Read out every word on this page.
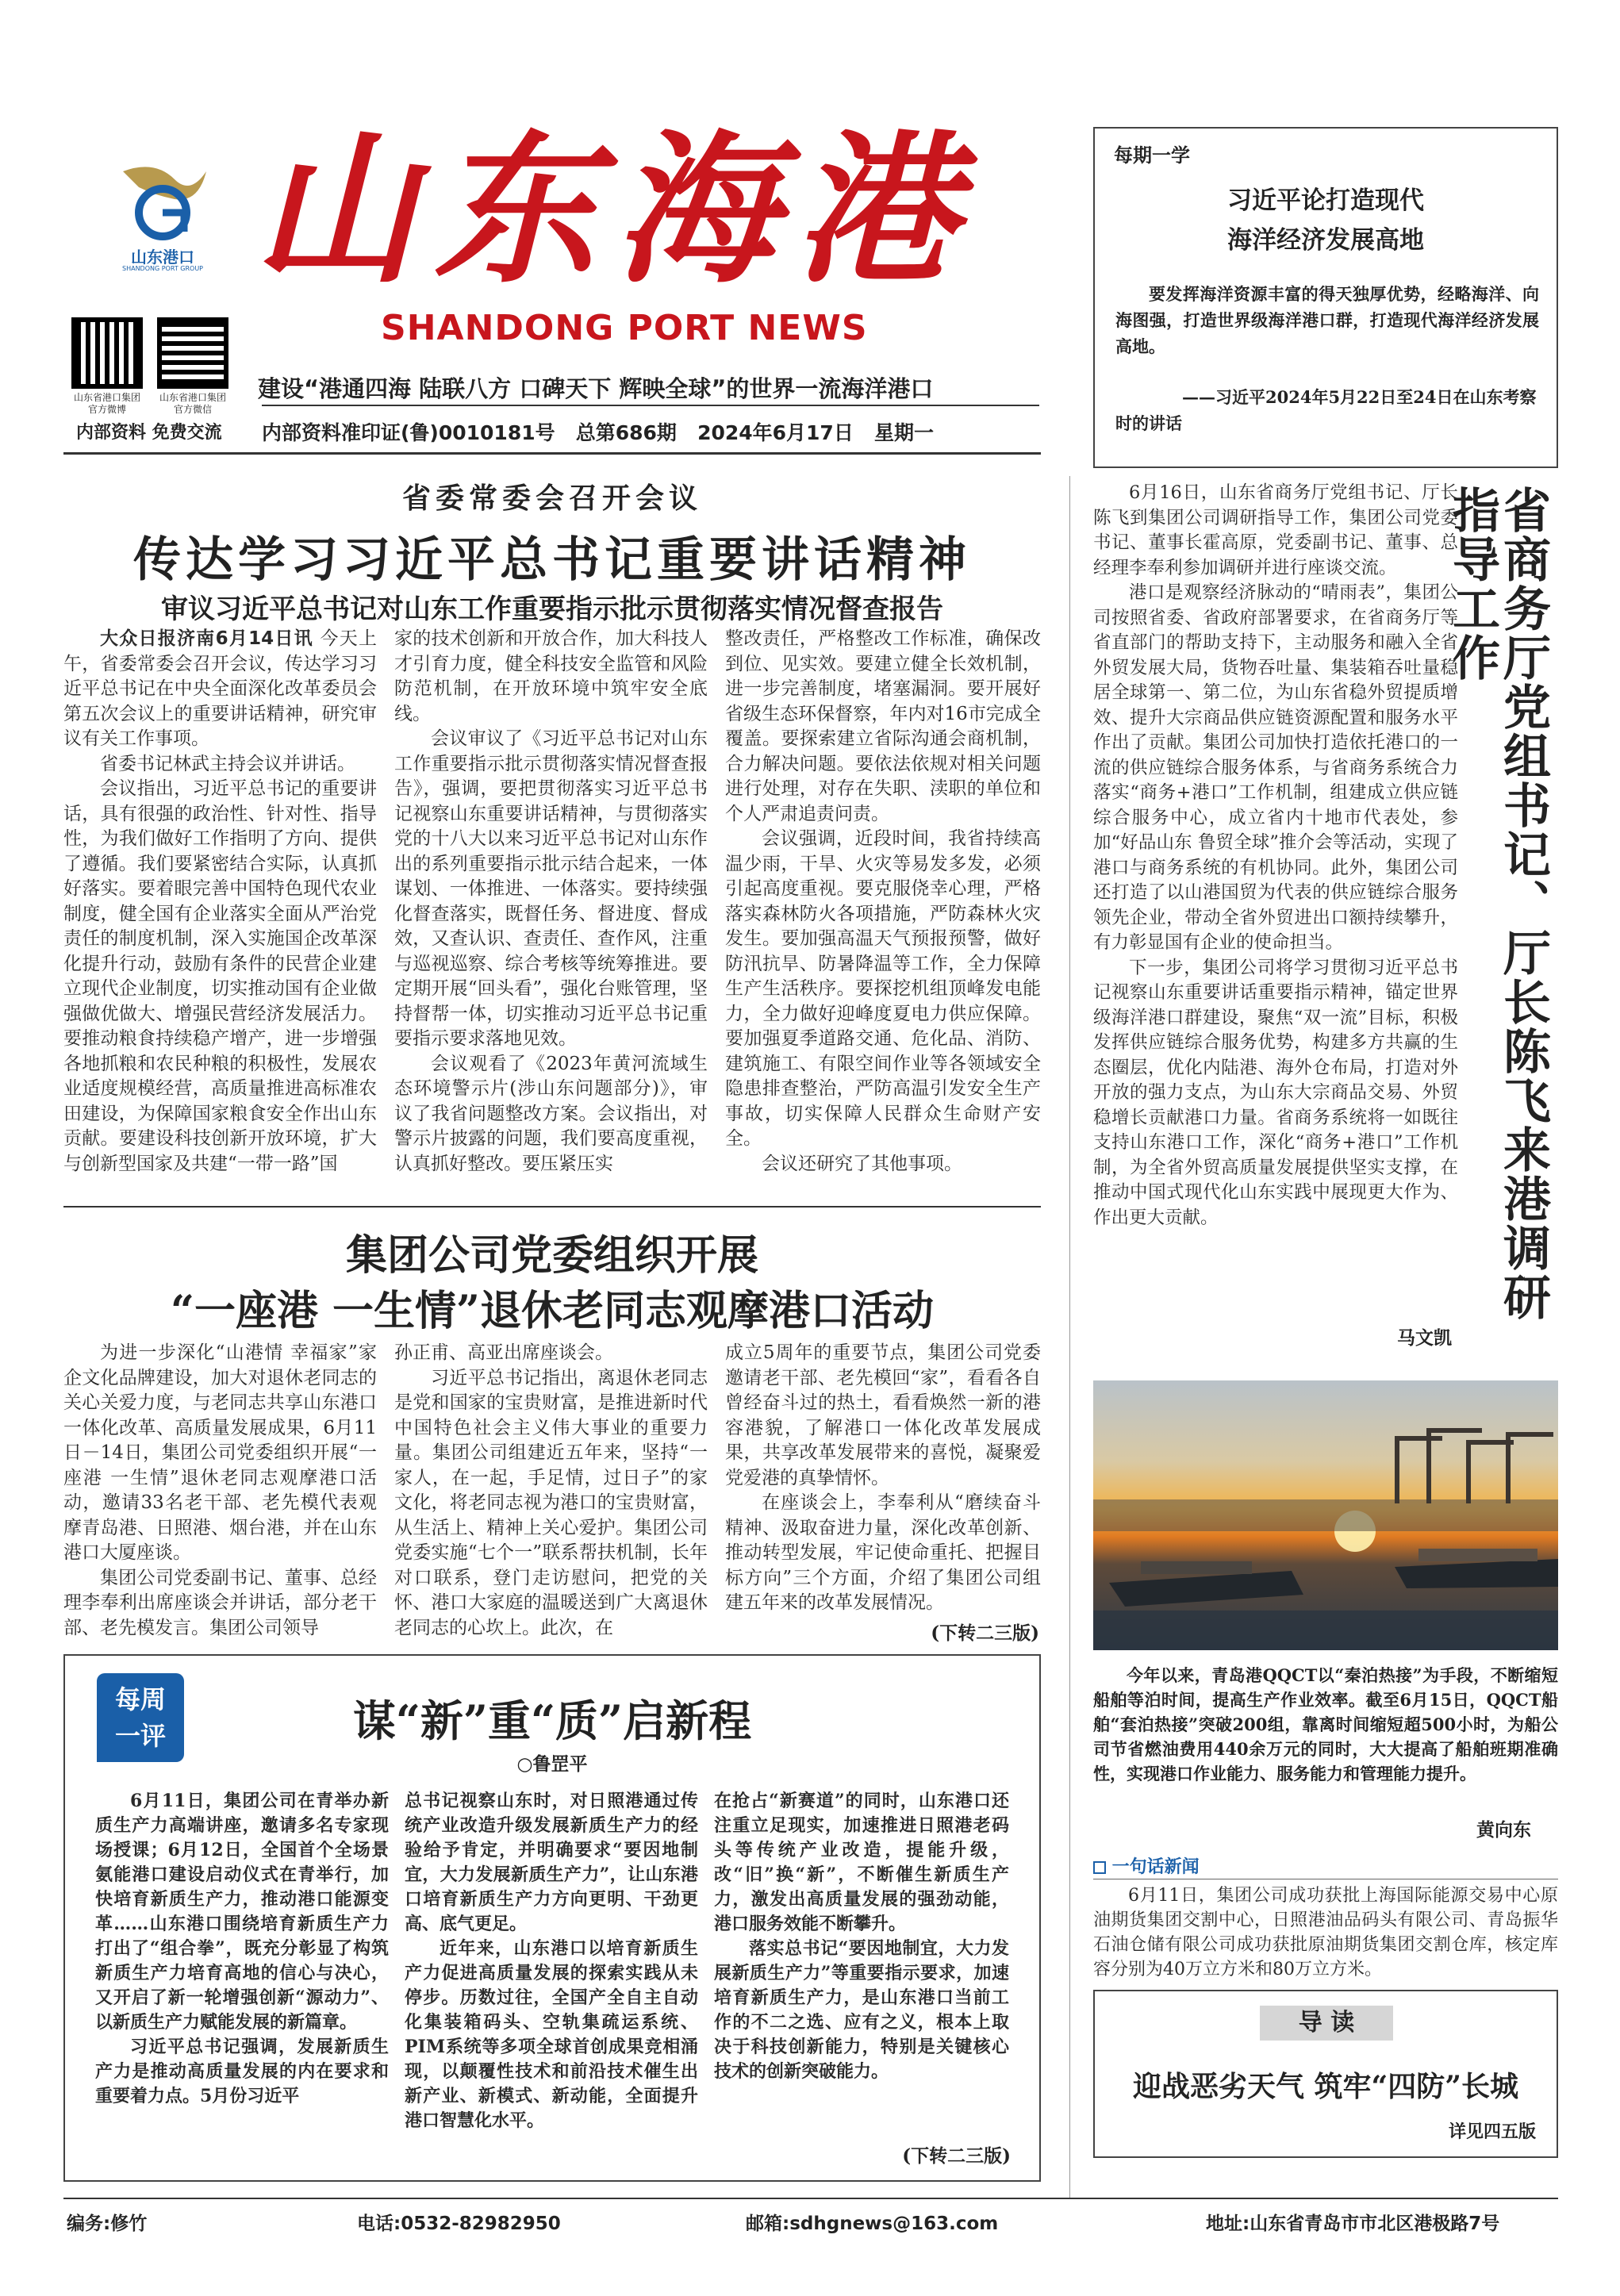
山东港口
SHANDONG PORT GROUP 山东海港
SHANDONG PORT NEWS
山东省港口集团官方微博
山东省港口集团官方微信
建设“港通四海 陆联八方 口碑天下 辉映全球”的世界一流海洋港口
内部资料 免费交流 内部资料准印证(鲁)0010181号 总第686期 2024年6月17日 星期一
每期一学
习近平论打造现代
海洋经济发展高地
要发挥海洋资源丰富的得天独厚优势，经略海洋、向海图强，打造世界级海洋港口群，打造现代海洋经济发展高地。
——习近平2024年5月22日至24日在山东考察时的讲话
省委常委会召开会议
传达学习习近平总书记重要讲话精神
审议习近平总书记对山东工作重要指示批示贯彻落实情况督查报告

大众日报济南6月14日讯 今天上午，省委常委会召开会议，传达学习习近平总书记在中央全面深化改革委员会第五次会议上的重要讲话精神，研究审议有关工作事项。

省委书记林武主持会议并讲话。

会议指出，习近平总书记的重要讲话，具有很强的政治性、针对性、指导性，为我们做好工作指明了方向、提供了遵循。我们要紧密结合实际，认真抓好落实。要着眼完善中国特色现代农业制度，健全国有企业落实全面从严治党责任的制度机制，深入实施国企改革深化提升行动，鼓励有条件的民营企业建立现代企业制度，切实推动国有企业做强做优做大、增强民营经济发展活力。要推动粮食持续稳产增产，进一步增强各地抓粮和农民种粮的积极性，发展农业适度规模经营，高质量推进高标准农田建设，为保障国家粮食安全作出山东贡献。要建设科技创新开放环境，扩大与创新型国家及共建“一带一路”国

家的技术创新和开放合作，加大科技人才引育力度，健全科技安全监管和风险防范机制，在开放环境中筑牢安全底线。

会议审议了《习近平总书记对山东工作重要指示批示贯彻落实情况督查报告》，强调，要把贯彻落实习近平总书记视察山东重要讲话精神，与贯彻落实党的十八大以来习近平总书记对山东作出的系列重要指示批示结合起来，一体谋划、一体推进、一体落实。要持续强化督查落实，既督任务、督进度、督成效，又查认识、查责任、查作风，注重与巡视巡察、综合考核等统筹推进。要定期开展“回头看”，强化台账管理，坚持督帮一体，切实推动习近平总书记重要指示要求落地见效。

会议观看了《2023年黄河流域生态环境警示片(涉山东问题部分)》，审议了我省问题整改方案。会议指出，对警示片披露的问题，我们要高度重视，认真抓好整改。要压紧压实

整改责任，严格整改工作标准，确保改到位、见实效。要建立健全长效机制，进一步完善制度，堵塞漏洞。要开展好省级生态环保督察，年内对16市完成全覆盖。要探索建立省际沟通会商机制，合力解决问题。要依法依规对相关问题进行处理，对存在失职、渎职的单位和个人严肃追责问责。

会议强调，近段时间，我省持续高温少雨，干旱、火灾等易发多发，必须引起高度重视。要克服侥幸心理，严格落实森林防火各项措施，严防森林火灾发生。要加强高温天气预报预警，做好防汛抗旱、防暑降温等工作，全力保障生产生活秩序。要探挖机组顶峰发电能力，全力做好迎峰度夏电力供应保障。要加强夏季道路交通、危化品、消防、建筑施工、有限空间作业等各领域安全隐患排查整治，严防高温引发安全生产事故，切实保障人民群众生命财产安全。

会议还研究了其他事项。

集团公司党委组织开展
“一座港 一生情”退休老同志观摩港口活动

为进一步深化“山港情 幸福家”家企文化品牌建设，加大对退休老同志的关心关爱力度，与老同志共享山东港口一体化改革、高质量发展成果，6月11日－14日，集团公司党委组织开展“一座港 一生情”退休老同志观摩港口活动，邀请33名老干部、老先模代表观摩青岛港、日照港、烟台港，并在山东港口大厦座谈。

集团公司党委副书记、董事、总经理李奉利出席座谈会并讲话，部分老干部、老先模发言。集团公司领导

孙正甫、高亚出席座谈会。

习近平总书记指出，离退休老同志是党和国家的宝贵财富，是推进新时代中国特色社会主义伟大事业的重要力量。集团公司组建近五年来，坚持“一家人，在一起，手足情，过日子”的家文化，将老同志视为港口的宝贵财富，从生活上、精神上关心爱护。集团公司党委实施“七个一”联系帮扶机制，长年对口联系，登门走访慰问，把党的关怀、港口大家庭的温暖送到广大离退休老同志的心坎上。此次，在

成立5周年的重要节点，集团公司党委邀请老干部、老先模回“家”，看看各自曾经奋斗过的热土，看看焕然一新的港容港貌，了解港口一体化改革发展成果，共享改革发展带来的喜悦，凝聚爱党爱港的真挚情怀。

在座谈会上，李奉利从“磨续奋斗精神、汲取奋进力量，深化改革创新、推动转型发展，牢记使命重托、把握目标方向”三个方面，介绍了集团公司组建五年来的改革发展情况。

(下转二三版)
每周
一评	谋“新”重“质”启新程
○鲁罡平

6月11日，集团公司在青举办新质生产力高端讲座，邀请多名专家现场授课；6月12日，全国首个全场景氨能港口建设启动仪式在青举行，加快培育新质生产力，推动港口能源变革……山东港口围绕培育新质生产力打出了“组合拳”，既充分彰显了构筑新质生产力培育高地的信心与决心，又开启了新一轮增强创新“源动力”、以新质生产力赋能发展的新篇章。

习近平总书记强调，发展新质生产力是推动高质量发展的内在要求和重要着力点。5月份习近平

总书记视察山东时，对日照港通过传统产业改造升级发展新质生产力的经验给予肯定，并明确要求“要因地制宜，大力发展新质生产力”，让山东港口培育新质生产力方向更明、干劲更高、底气更足。

近年来，山东港口以培育新质生产力促进高质量发展的探索实践从未停步。历数过往，全国产全自主自动化集装箱码头、空轨集疏运系统、PIM系统等多项全球首创成果竞相涌现，以颠覆性技术和前沿技术催生出新产业、新模式、新动能，全面提升港口智慧化水平。

在抢占“新赛道”的同时，山东港口还注重立足现实，加速推进日照港老码头等传统产业改造，提能升级，改“旧”换“新”，不断催生新质生产力，激发出高质量发展的强劲动能，港口服务效能不断攀升。

落实总书记“要因地制宜，大力发展新质生产力”等重要指示要求，加速培育新质生产力，是山东港口当前工作的不二之选、应有之义，根本上取决于科技创新能力，特别是关键核心技术的创新突破能力。

(下转二三版)
省商务厅党组书记、厅长陈飞来港调研指导工作

6月16日，山东省商务厅党组书记、厅长陈飞到集团公司调研指导工作，集团公司党委书记、董事长霍高原，党委副书记、董事、总经理李奉利参加调研并进行座谈交流。

港口是观察经济脉动的“晴雨表”，集团公司按照省委、省政府部署要求，在省商务厅等省直部门的帮助支持下，主动服务和融入全省外贸发展大局，货物吞吐量、集装箱吞吐量稳居全球第一、第二位，为山东省稳外贸提质增效、提升大宗商品供应链资源配置和服务水平作出了贡献。集团公司加快打造依托港口的一流的供应链综合服务体系，与省商务系统合力落实“商务+港口”工作机制，组建成立供应链综合服务中心，成立省内十地市代表处，参加“好品山东 鲁贸全球”推介会等活动，实现了港口与商务系统的有机协同。此外，集团公司还打造了以山港国贸为代表的供应链综合服务领先企业，带动全省外贸进出口额持续攀升，有力彰显国有企业的使命担当。

下一步，集团公司将学习贯彻习近平总书记视察山东重要讲话重要指示精神，锚定世界级海洋港口群建设，聚焦“双一流”目标，积极发挥供应链综合服务优势，构建多方共赢的生态圈层，优化内陆港、海外仓布局，打造对外开放的强力支点，为山东大宗商品交易、外贸稳增长贡献港口力量。省商务系统将一如既往支持山东港口工作，深化“商务+港口”工作机制，为全省外贸高质量发展提供坚实支撑，在推动中国式现代化山东实践中展现更大作为、作出更大贡献。

马文凯
今年以来，青岛港QQCT以“秦泊热接”为手段，不断缩短船舶等泊时间，提高生产作业效率。截至6月15日，QQCT船舶“套泊热接”突破200组，靠离时间缩短超500小时，为船公司节省燃油费用440余万元的同时，大大提高了船舶班期准确性，实现港口作业能力、服务能力和管理能力提升。
黄向东
一句话新闻
6月11日，集团公司成功获批上海国际能源交易中心原油期货集团交割中心，日照港油品码头有限公司、青岛振华石油仓储有限公司成功获批原油期货集团交割仓库，核定库容分别为40万立方米和80万立方米。
导 读
迎战恶劣天气 筑牢“四防”长城
详见四五版
编务:修竹	电话:0532-82982950	邮箱:sdhgnews@163.com	地址:山东省青岛市市北区港极路7号
